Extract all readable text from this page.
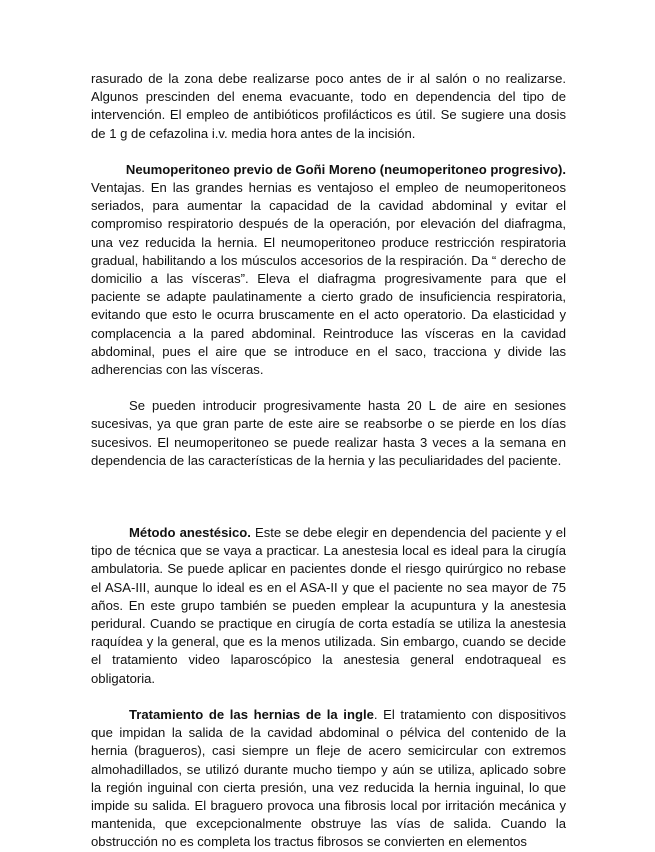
rasurado de la zona debe realizarse poco antes de ir al salón o no realizarse. Algunos prescinden del enema evacuante, todo en dependencia del tipo de intervención. El empleo de antibióticos profilácticos es útil. Se sugiere una dosis de 1 g de cefazolina i.v. media hora antes de la incisión.

Neumoperitoneo previo de Goñi Moreno (neumoperitoneo progresivo).
Ventajas. En las grandes hernias es ventajoso el empleo de neumoperitoneos seriados, para aumentar la capacidad de la cavidad abdominal y evitar el compromiso respiratorio después de la operación, por elevación del diafragma, una vez reducida la hernia. El neumoperitoneo produce restricción respiratoria gradual, habilitando a los músculos accesorios de la respiración. Da “ derecho de domicilio a las vísceras”. Eleva el diafragma progresivamente para que el paciente se adapte paulatinamente a cierto grado de insuficiencia respiratoria, evitando que esto le ocurra bruscamente en el acto operatorio. Da elasticidad y complacencia a la pared abdominal. Reintroduce las vísceras en la cavidad abdominal, pues el aire que se introduce en el saco, tracciona y divide las adherencias con las vísceras.

Se pueden introducir progresivamente hasta 20 L de aire en sesiones sucesivas, ya que gran parte de este aire se reabsorbe o se pierde en los días sucesivos. El neumoperitoneo se puede realizar hasta 3 veces a la semana en dependencia de las características de la hernia y las peculiaridades del paciente.

Método anestésico. Este se debe elegir en dependencia del paciente y el tipo de técnica que se vaya a practicar. La anestesia local es ideal para la cirugía ambulatoria. Se puede aplicar en pacientes donde el riesgo quirúrgico no rebase el ASA-III, aunque lo ideal es en el ASA-II y que el paciente no sea mayor de 75 años. En este grupo también se pueden emplear la acupuntura y la anestesia peridural. Cuando se practique en cirugía de corta estadía se utiliza la anestesia raquídea y la general, que es la menos utilizada. Sin embargo, cuando se decide el tratamiento video laparoscópico la anestesia general endotraqueal es obligatoria.

Tratamiento de las hernias de la ingle. El tratamiento con dispositivos que impidan la salida de la cavidad abdominal o pélvica del contenido de la hernia (bragueros), casi siempre un fleje de acero semicircular con extremos almohadillados, se utilizó durante mucho tiempo y aún se utiliza, aplicado sobre la región inguinal con cierta presión, una vez reducida la hernia inguinal, lo que impide su salida. El braguero provoca una fibrosis local por irritación mecánica y mantenida, que excepcionalmente obstruye las vías de salida. Cuando la obstrucción no es completa los tractus fibrosos se convierten en elementos
